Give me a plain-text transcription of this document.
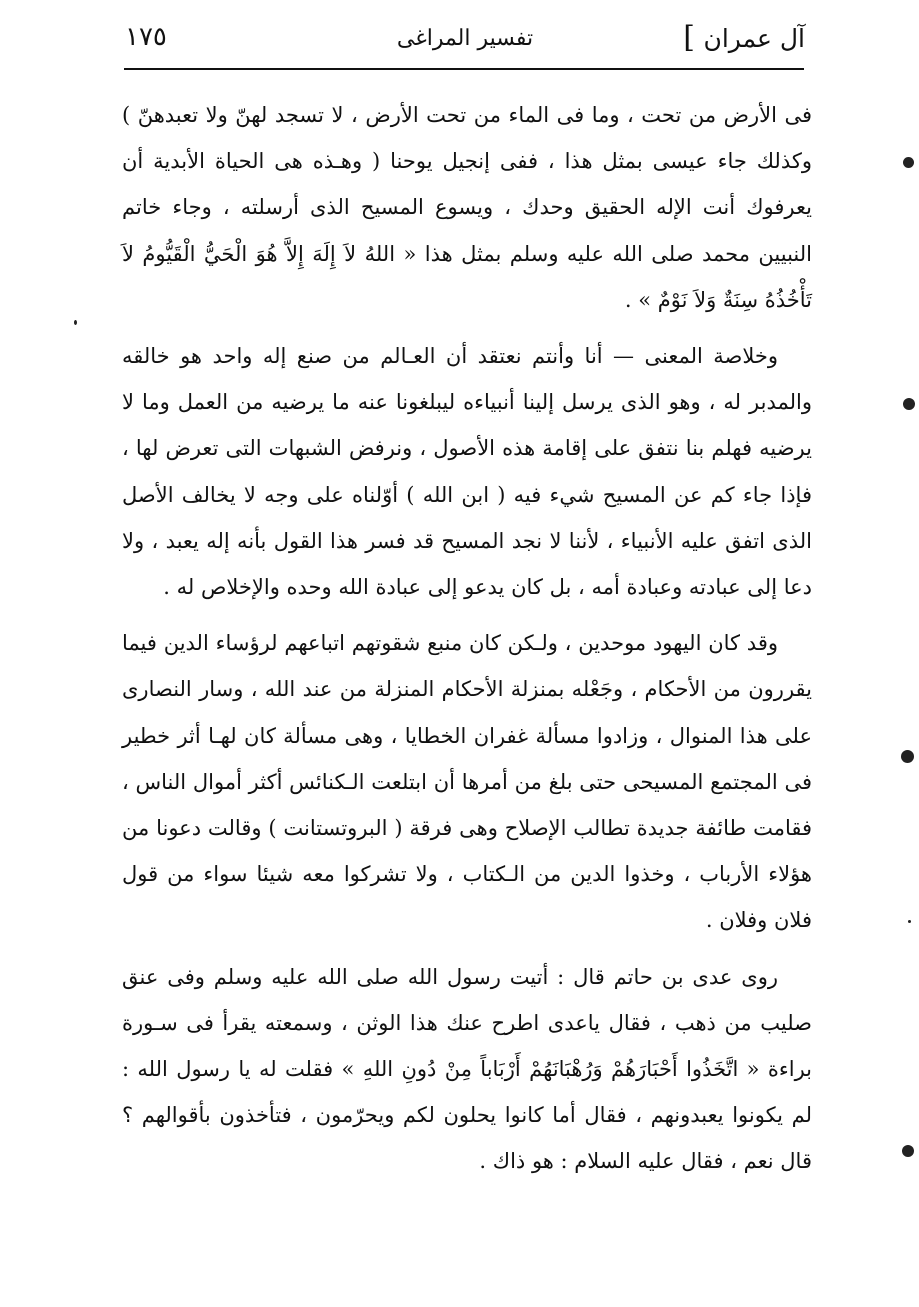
آل عمران
]
تفسير المراغى
١٧٥

فى الأرض من تحت ، وما فى الماء من تحت الأرض ، لا تسجد لهنّ ولا تعبدهنّ ) وكذلك جاء عيسى بمثل هذا ، ففى إنجيل يوحنا ( وهـذه هى الحياة الأبدية أن يعرفوك أنت الإله الحقيق وحدك ، ويسوع المسيح الذى أرسلته ، وجاء خاتم النبيين محمد صلى الله عليه وسلم بمثل هذا « اللهُ لاَ إِلَهَ إِلاَّ هُوَ الْحَيُّ الْقَيُّومُ لاَ تَأْخُذُهُ سِنَةٌ وَلاَ نَوْمٌ » .

وخلاصة المعنى — أنا وأنتم نعتقد أن العـالم من صنع إله واحد هو خالقه والمدبر له ، وهو الذى يرسل إلينا أنبياءه ليبلغونا عنه ما يرضيه من العمل وما لا يرضيه فهلم بنا نتفق على إقامة هذه الأصول ، ونرفض الشبهات التى تعرض لها ، فإذا جاء كم عن المسيح شيء فيه ( ابن الله ) أوّلناه على وجه لا يخالف الأصل الذى اتفق عليه الأنبياء ، لأننا لا نجد المسيح قد فسر هذا القول بأنه إله يعبد ، ولا دعا إلى عبادته وعبادة أمه ، بل كان يدعو إلى عبادة الله وحده والإخلاص له .

وقد كان اليهود موحدين ، ولـكن كان منبع شقوتهم اتباعهم لرؤساء الدين فيما يقررون من الأحكام ، وجَعْله بمنزلة الأحكام المنزلة من عند الله ، وسار النصارى على هذا المنوال ، وزادوا مسألة غفران الخطايا ، وهى مسألة كان لهـا أثر خطير فى المجتمع المسيحى حتى بلغ من أمرها أن ابتلعت الـكنائس أكثر أموال الناس ، فقامت طائفة جديدة تطالب الإصلاح وهى فرقة ( البروتستانت ) وقالت دعونا من هؤلاء الأرباب ، وخذوا الدين من الـكتاب ، ولا تشركوا معه شيئا سواء من قول فلان وفلان .

روى عدى بن حاتم قال : أتيت رسول الله صلى الله عليه وسلم وفى عنق صليب من ذهب ، فقال ياعدى اطرح عنك هذا الوثن ، وسمعته يقرأ فى سـورة براءة « اتَّخَذُوا أَحْبَارَهُمْ وَرُهْبَانَهُمْ أَرْبَاباً مِنْ دُونِ اللهِ » فقلت له يا رسول الله : لم يكونوا يعبدونهم ، فقال أما كانوا يحلون لكم ويحرّمون ، فتأخذون بأقوالهم ؟ قال نعم ، فقال عليه السلام : هو ذاك .
